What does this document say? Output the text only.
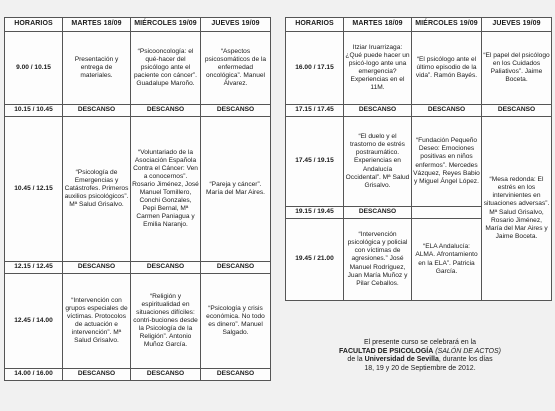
HORARIOS	MARTES 18/09	MIÉRCOLES 19/09	JUEVES 19/09
9.00 / 10.15	Presentación y entrega de materiales.	“Psicooncología: el qué-hacer del psicólogo ante el paciente con cáncer”. Guadalupe Maroño.	“Aspectos psicosomáticos de la enfermedad oncológica”. Manuel Álvarez.
10.15 / 10.45	DESCANSO	DESCANSO	DESCANSO
10.45 / 12.15	“Psicología de Emergencias y Catástrofes. Primeros auxilios psicológicos”. Mª Salud Grisalvo.	“Voluntariado de la Asociación Española Contra el Cáncer: Ven a conocernos”. Rosario Jiménez, José Manuel Tomillero, Conchi Gonzales, Pepi Bernal, Mª Carmen Paniagua y Emilia Naranjo.	“Pareja y cáncer”. María del Mar Aires.
12.15 / 12.45	DESCANSO	DESCANSO	DESCANSO
12.45 / 14.00	“Intervención con grupos especiales de víctimas. Protocolos de actuación e intervención”. Mª Salud Grisalvo.	“Religión y espiritualidad en situaciones difíciles: contri-buciones desde la Psicología de la Religión”. Antonio Muñoz García.	“Psicología y crisis económica. No todo es dinero”. Manuel Salgado.
14.00 / 16.00	DESCANSO	DESCANSO	DESCANSO
HORARIOS	MARTES 18/09	MIÉRCOLES 19/09	JUEVES 19/09
16.00 / 17.15	Itziar Iruarrizaga: ¿Qué puede hacer un psicó-logo ante una emergencia? Experiencias en el 11M.	“El psicólogo ante el último episodio de la vida”. Ramón Bayés.	“El papel del psicólogo en los Cuidados Paliativos”. Jaime Boceta.
17.15 / 17.45	DESCANSO	DESCANSO	DESCANSO
17.45 / 19.15	“El duelo y el trastorno de estrés postraumático. Experiencias en Andalucía Occidental”. Mª Salud Grisalvo.	“Fundación Pequeño Deseo: Emociones positivas en niños enfermos”. Mercedes Vázquez, Reyes Babio y Miguel Ángel López.	“Mesa redonda: El estrés en los intervinientes en situaciones adversas”. Mª Salud Grisalvo, Rosario Jiménez, María del Mar Aires y Jaime Boceta.
19.15 / 19.45	DESCANSO		
19.45 / 21.00	“Intervención psicológica y policial con víctimas de agresiones.” José Manuel Rodríguez, Juan María Muñoz y Pilar Ceballos.	“ELA Andalucía: ALMA. Afrontamiento en la ELA”. Patricia García.	
El presente curso se celebrará en la
FACULTAD DE PSICOLOGÍA (SALÓN DE ACTOS)
de la Universidad de Sevilla, durante los días
18, 19 y 20 de Septiembre de 2012.
